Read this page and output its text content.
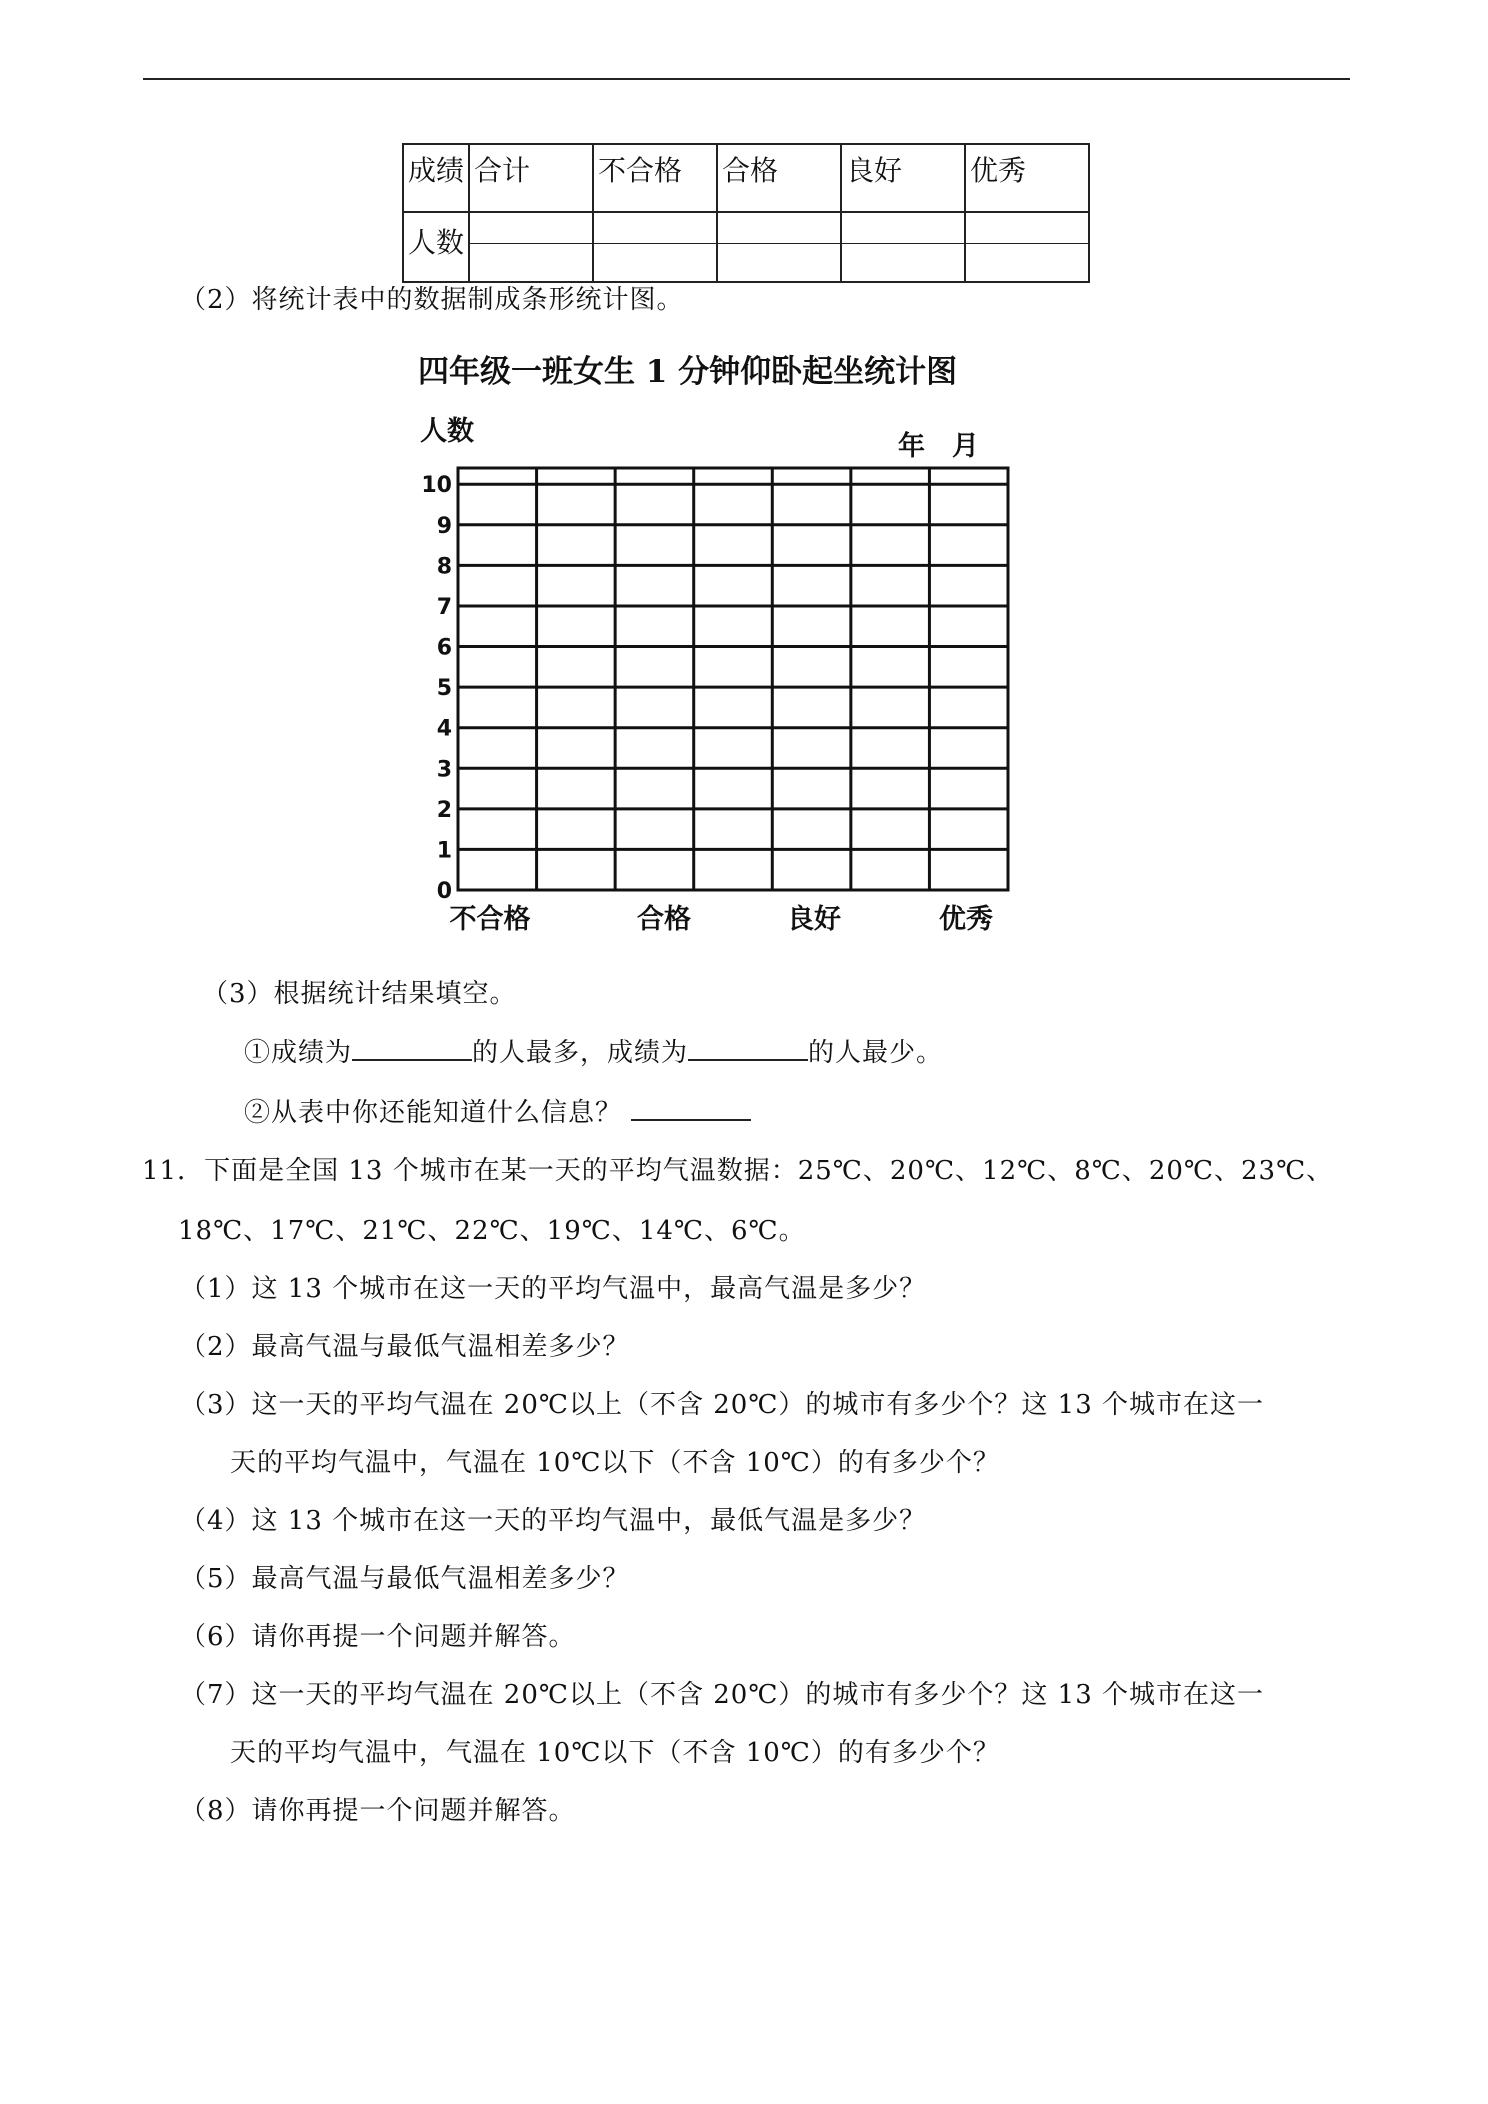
成绩	合计	不合格	合格	良好	优秀
人数	

（2）将统计表中的数据制成条形统计图。
四年级一班女生 1 分钟仰卧起坐统计图
人数	年　月
0
1
2
3
4
5
6
7
8
9
10
不合格	合格	良好	优秀
（3）根据统计结果填空。
①成绩为	的人最多，成绩为	的人最少。
②从表中你还能知道什么信息？
11．下面是全国 13 个城市在某一天的平均气温数据：25℃、20℃、12℃、8℃、20℃、23℃、
18℃、17℃、21℃、22℃、19℃、14℃、6℃。
（1）这 13 个城市在这一天的平均气温中，最高气温是多少？
（2）最高气温与最低气温相差多少？
（3）这一天的平均气温在 20℃以上（不含 20℃）的城市有多少个？这 13 个城市在这一
天的平均气温中，气温在 10℃以下（不含 10℃）的有多少个？
（4）这 13 个城市在这一天的平均气温中，最低气温是多少？
（5）最高气温与最低气温相差多少？
（6）请你再提一个问题并解答。
（7）这一天的平均气温在 20℃以上（不含 20℃）的城市有多少个？这 13 个城市在这一
天的平均气温中，气温在 10℃以下（不含 10℃）的有多少个？
（8）请你再提一个问题并解答。
